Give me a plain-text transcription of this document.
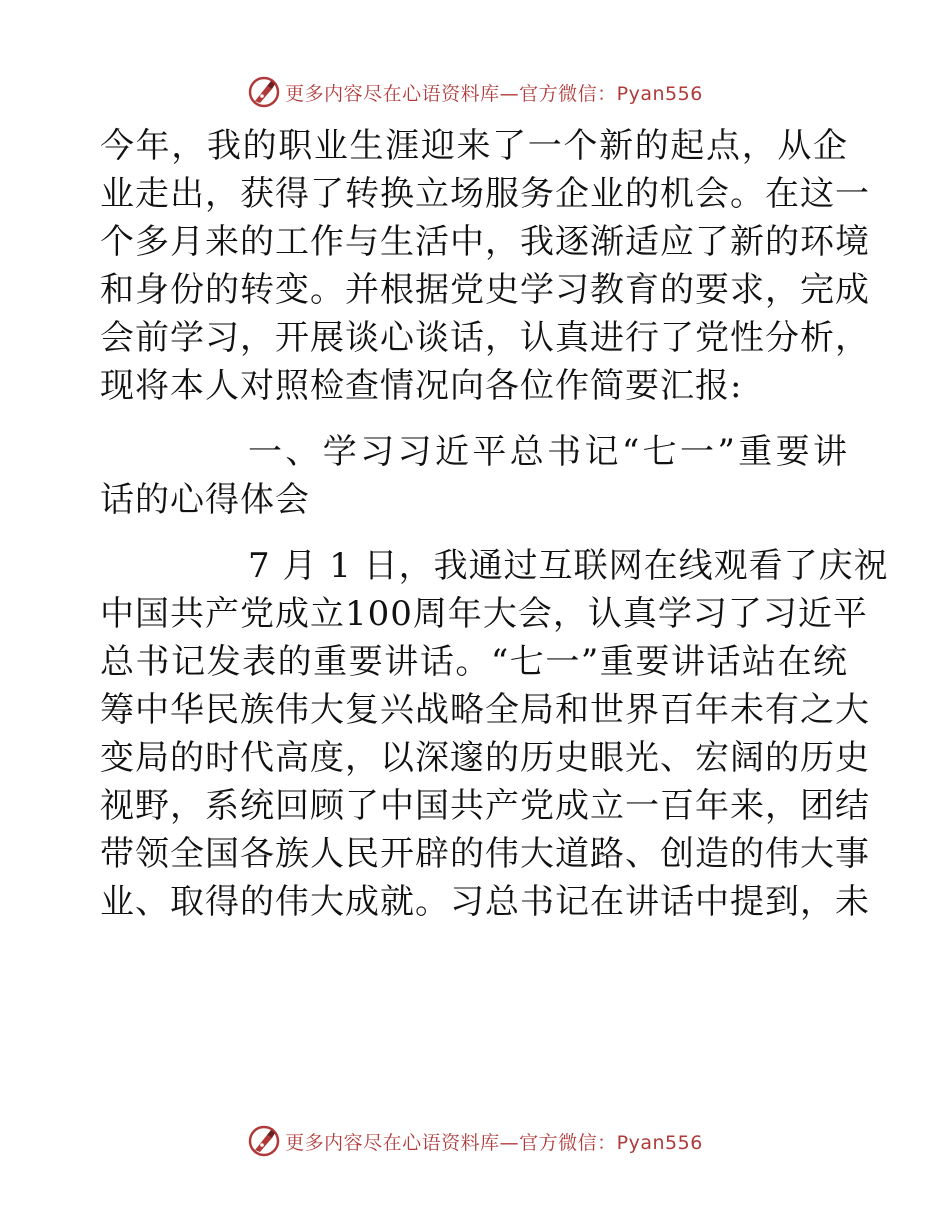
更多内容尽在心语资料库—官方微信：Pyan556
今年，我的职业生涯迎来了一个新的起点，从企
业走出，获得了转换立场服务企业的机会。在这一
个多月来的工作与生活中，我逐渐适应了新的环境
和身份的转变。并根据党史学习教育的要求，完成
会前学习，开展谈心谈话，认真进行了党性分析，
现将本人对照检查情况向各位作简要汇报:
一、学习习近平总书记“七一”重要讲
话的心得体会
7 月 1 日，我通过互联网在线观看了庆祝
中国共产党成立100周年大会，认真学习了习近平
总书记发表的重要讲话。“七一”重要讲话站在统
筹中华民族伟大复兴战略全局和世界百年未有之大
变局的时代高度，以深邃的历史眼光、宏阔的历史
视野，系统回顾了中国共产党成立一百年来，团结
带领全国各族人民开辟的伟大道路、创造的伟大事
业、取得的伟大成就。习总书记在讲话中提到，未
更多内容尽在心语资料库—官方微信：Pyan556
